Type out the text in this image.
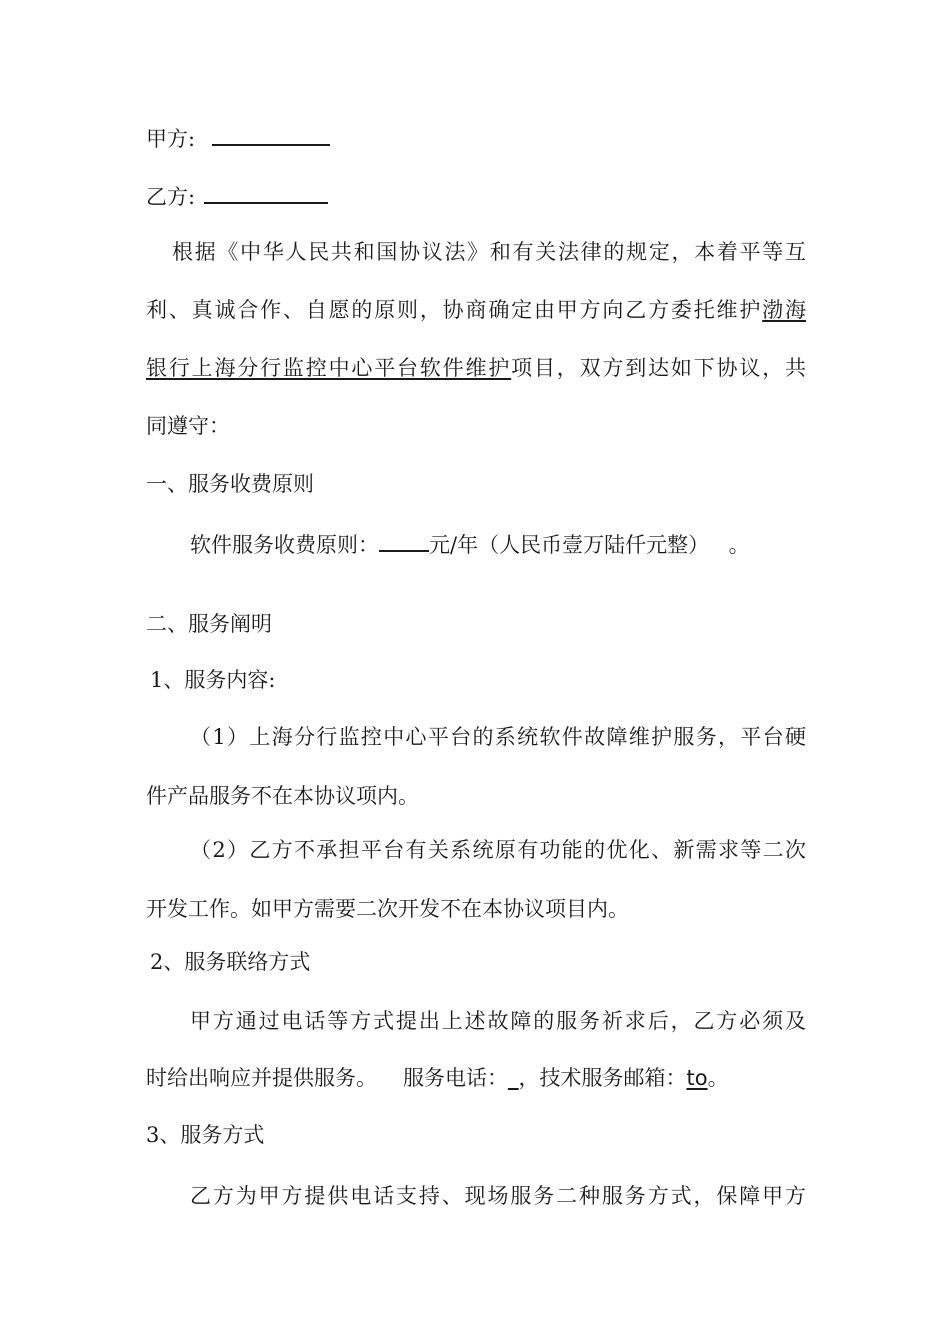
甲方:
乙方:
根据《中华人民共和国协议法》和有关法律的规定，本着平等互
利、真诚合作、自愿的原则，协商确定由甲方向乙方委托维护渤海
银行上海分行监控中心平台软件维护项目，双方到达如下协议，共
同遵守：
一、服务收费原则
软件服务收费原则： 元/年（人民币壹万陆仟元整） 。
二、服务阐明
1、服务内容:
（1）上海分行监控中心平台的系统软件故障维护服务，平台硬
件产品服务不在本协议项内。
（2）乙方不承担平台有关系统原有功能的优化、新需求等二次
开发工作。如甲方需要二次开发不在本协议项目内。
2、服务联络方式
甲方通过电话等方式提出上述故障的服务祈求后，乙方必须及
时给出响应并提供服务。 服务电话：_，技术服务邮箱：to。
3、服务方式
乙方为甲方提供电话支持、现场服务二种服务方式，保障甲方
